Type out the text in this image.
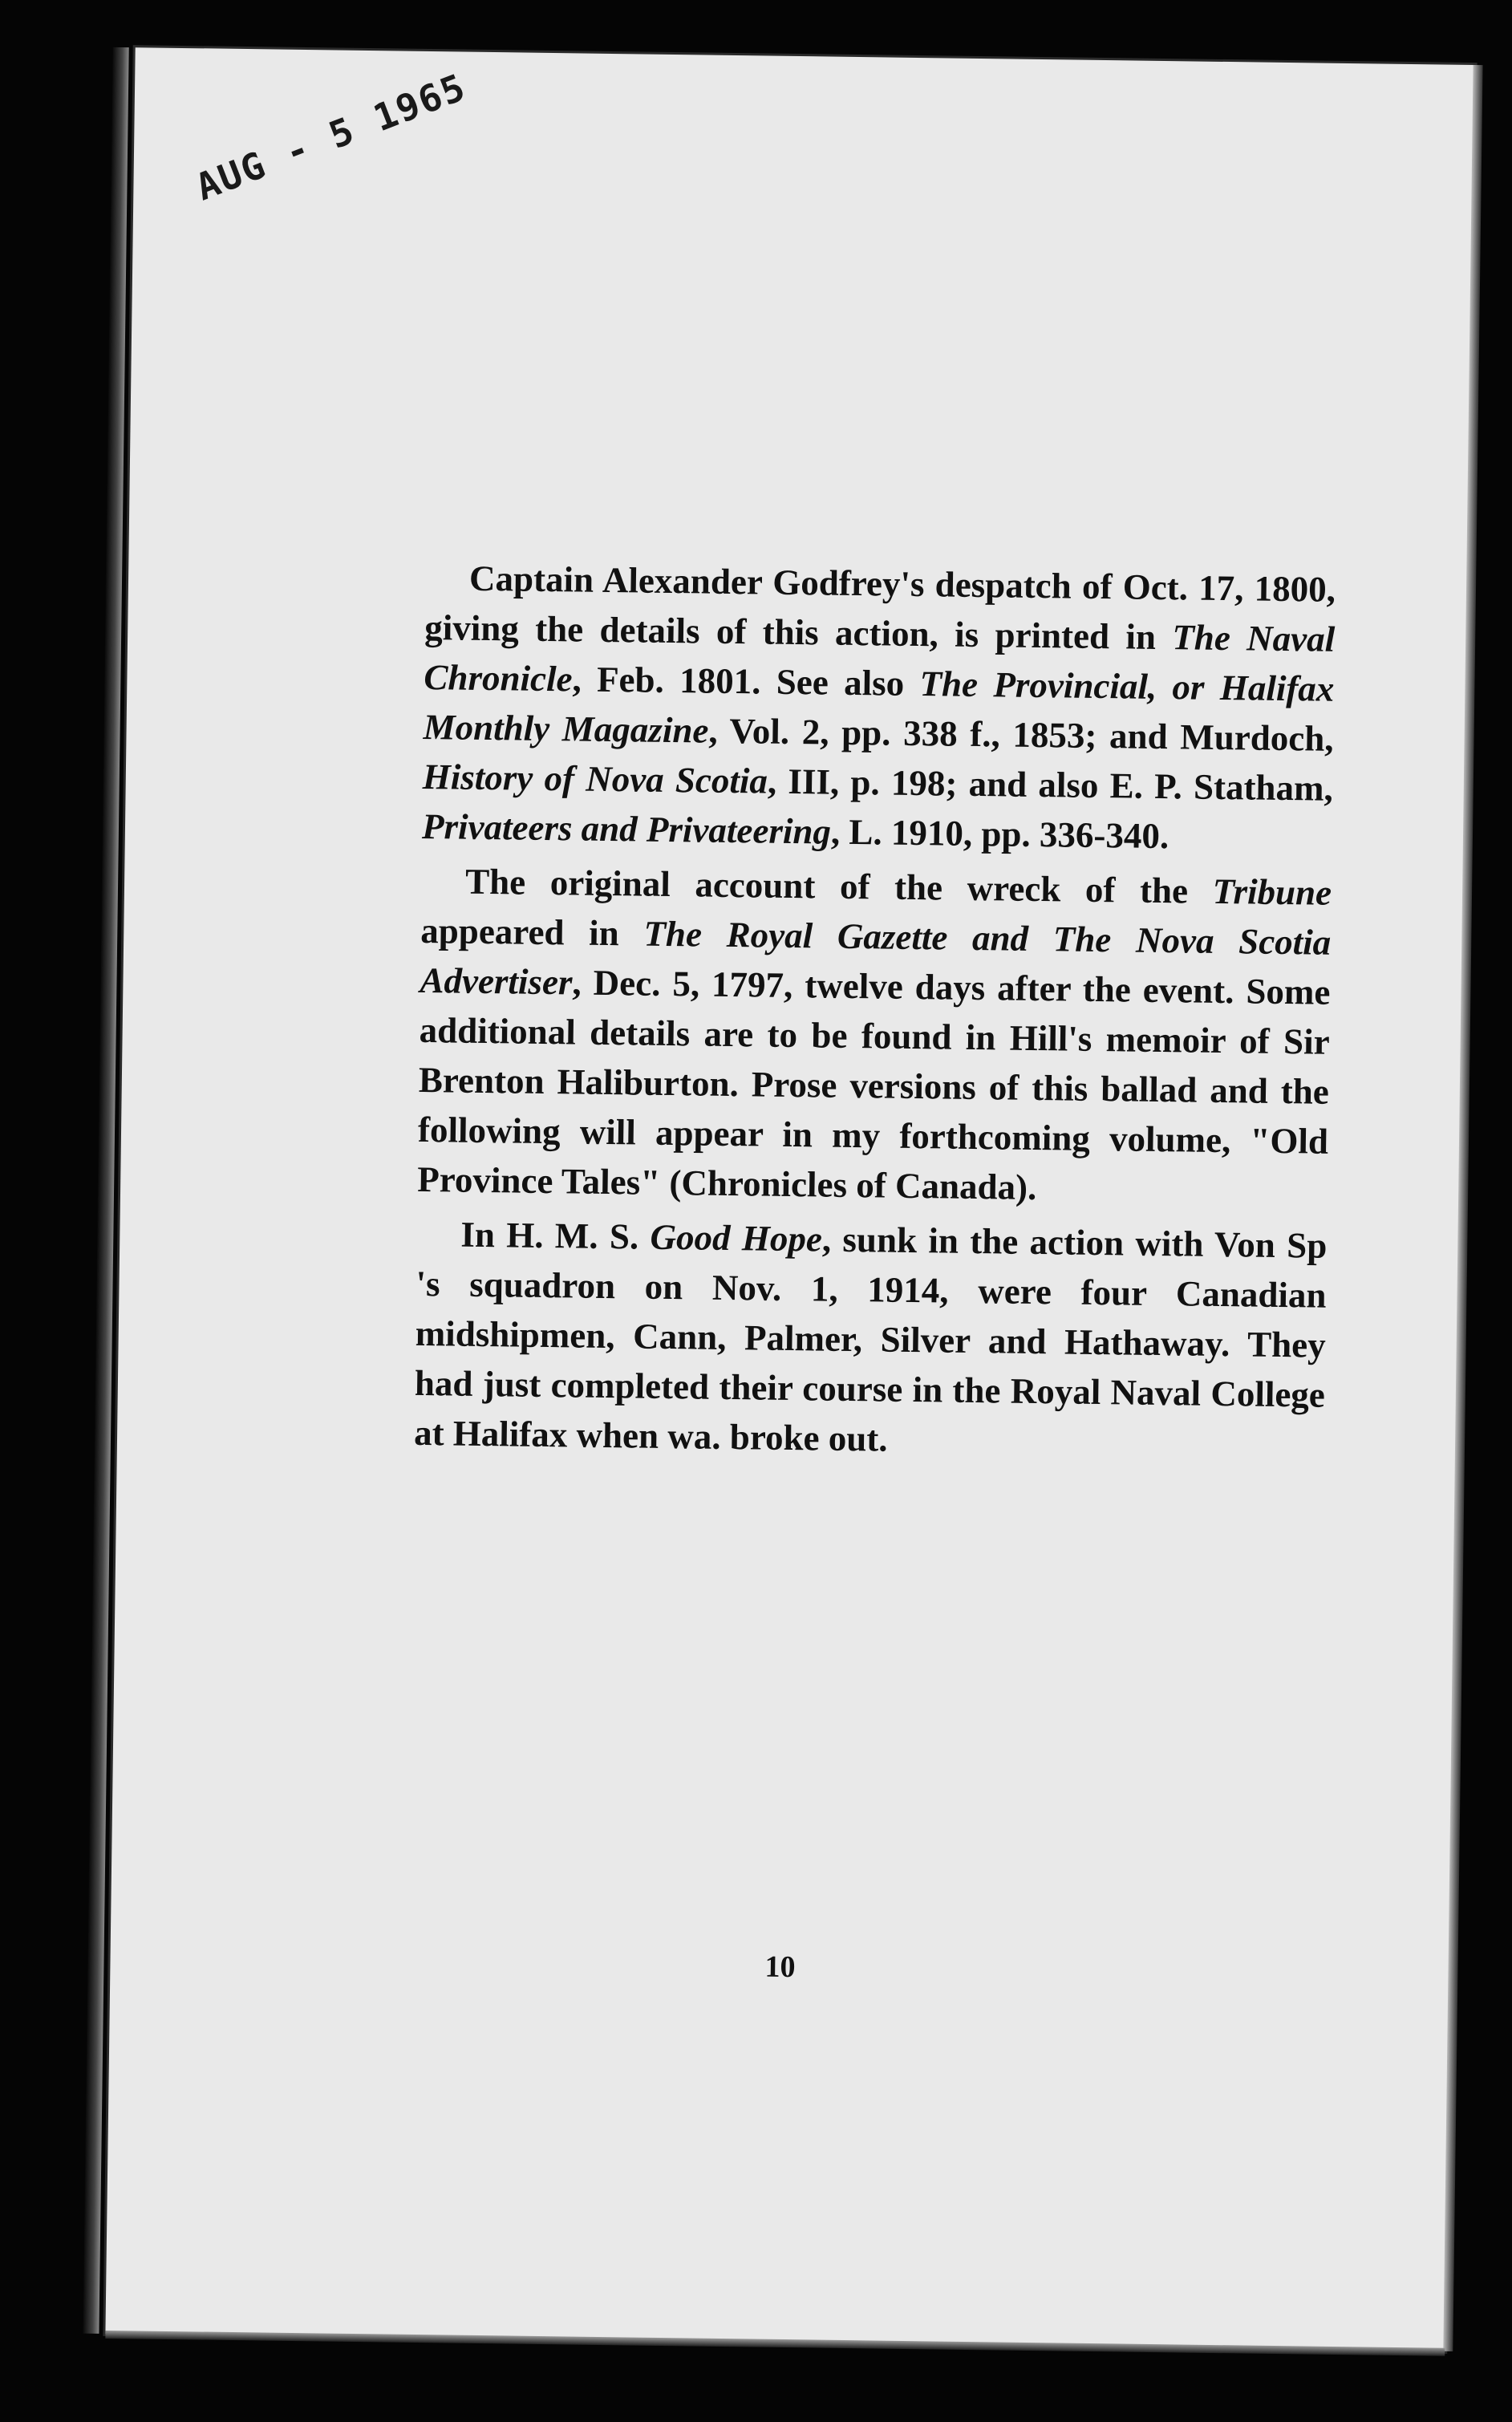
AUG - 5 1965

Captain Alexander Godfrey's despatch of Oct. 17, 1800, giving the details of this action, is printed in The Naval Chronicle, Feb. 1801. See also The Provincial, or Halifax Monthly Magazine, Vol. 2, pp. 338 f., 1853; and Murdoch, History of Nova Scotia, III, p. 198; and also E. P. Statham, Privateers and Privateering, L. 1910, pp. 336-340.

The original account of the wreck of the Tribune appeared in The Royal Gazette and The Nova Scotia Advertiser, Dec. 5, 1797, twelve days after the event. Some additional details are to be found in Hill's memoir of Sir Brenton Haliburton. Prose versions of this ballad and the following will appear in my forthcoming volume, "Old Province Tales" (Chronicles of Canada).

In H. M. S. Good Hope, sunk in the action with Von Sp 's squadron on Nov. 1, 1914, were four Canadian midshipmen, Cann, Palmer, Silver and Hathaway. They had just completed their course in the Royal Naval College at Halifax when wa. broke out.

10
